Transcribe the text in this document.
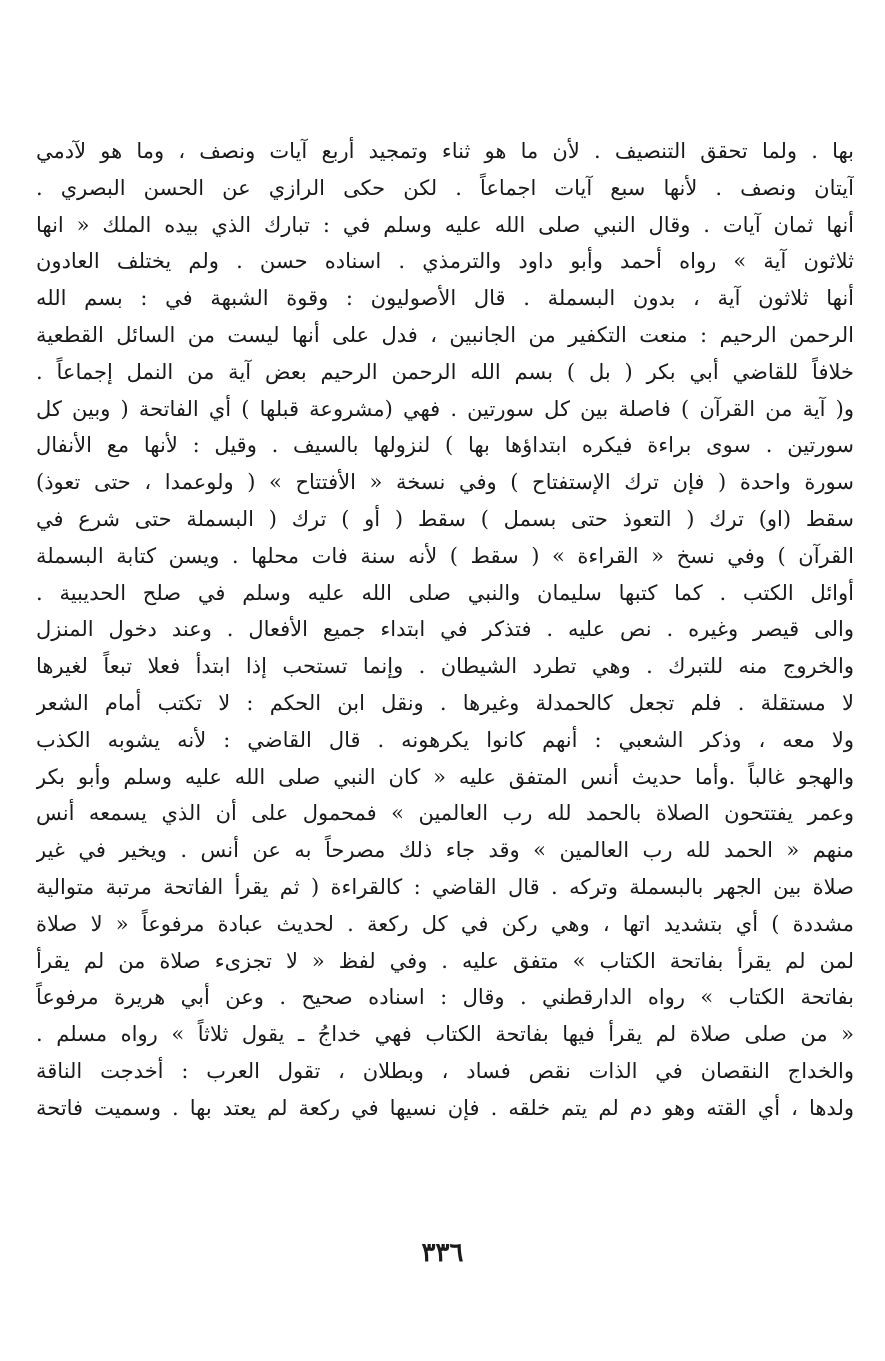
بها . ولما تحقق التنصيف . لأن ما هو ثناء وتمجيد أربع آيات ونصف ، وما هو لآدمي
آيتان ونصف . لأنها سبع آيات اجماعاً . لكن حكى الرازي عن الحسن البصري .
أنها ثمان آيات . وقال النبي صلى الله عليه وسلم في : تبارك الذي بيده الملك « انها
ثلاثون آية » رواه أحمد وأبو داود والترمذي . اسناده حسن . ولم يختلف العادون
أنها ثلاثون آية ، بدون البسملة . قال الأصوليون : وقوة الشبهة في : بسم الله
الرحمن الرحيم : منعت التكفير من الجانبين ، فدل على أنها ليست من السائل القطعية
خلافاً للقاضي أبي بكر ( بل ) بسم الله الرحمن الرحيم بعض آية من النمل إجماعاً .
و( آية من القرآن ) فاصلة بين كل سورتين . فهي (مشروعة قبلها ) أي الفاتحة ( وبين كل
سورتين . سوى براءة فيكره ابتداؤها بها ) لنزولها بالسيف . وقيل : لأنها مع الأنفال
سورة واحدة ( فإن ترك الإستفتاح ) وفي نسخة « الأفتتاح » ( ولوعمدا ، حتى تعوذ)
سقط (او) ترك ( التعوذ حتى بسمل ) سقط ( أو ) ترك ( البسملة حتى شرع في
القرآن ) وفي نسخ « القراءة » ( سقط ) لأنه سنة فات محلها . ويسن كتابة البسملة
أوائل الكتب . كما كتبها سليمان والنبي صلى الله عليه وسلم في صلح الحديبية .
والى قيصر وغيره . نص عليه . فتذكر في ابتداء جميع الأفعال . وعند دخول المنزل
والخروج منه للتبرك . وهي تطرد الشيطان . وإنما تستحب إذا ابتدأ فعلا تبعاً لغيرها
لا مستقلة . فلم تجعل كالحمدلة وغيرها . ونقل ابن الحكم : لا تكتب أمام الشعر
ولا معه ، وذكر الشعبي : أنهم كانوا يكرهونه . قال القاضي : لأنه يشوبه الكذب
والهجو غالباً .وأما حديث أنس المتفق عليه « كان النبي صلى الله عليه وسلم وأبو بكر
وعمر يفتتحون الصلاة بالحمد لله رب العالمين » فمحمول على أن الذي يسمعه أنس
منهم « الحمد لله رب العالمين » وقد جاء ذلك مصرحاً به عن أنس . ويخير في غير
صلاة بين الجهر بالبسملة وتركه . قال القاضي : كالقراءة ( ثم يقرأ الفاتحة مرتبة متوالية
مشددة ) أي بتشديد اتها ، وهي ركن في كل ركعة . لحديث عبادة مرفوعاً « لا صلاة
لمن لم يقرأ بفاتحة الكتاب » متفق عليه . وفي لفظ « لا تجزىء صلاة من لم يقرأ
بفاتحة الكتاب » رواه الدارقطني . وقال : اسناده صحيح . وعن أبي هريرة مرفوعاً
« من صلى صلاة لم يقرأ فيها بفاتحة الكتاب فهي خداجُ ـ يقول ثلاثاً » رواه مسلم .
والخداج النقصان في الذات نقص فساد ، وبطلان ، تقول العرب : أخدجت الناقة
ولدها ، أي القته وهو دم لم يتم خلقه . فإن نسيها في ركعة لم يعتد بها . وسميت فاتحة
٣٣٦
